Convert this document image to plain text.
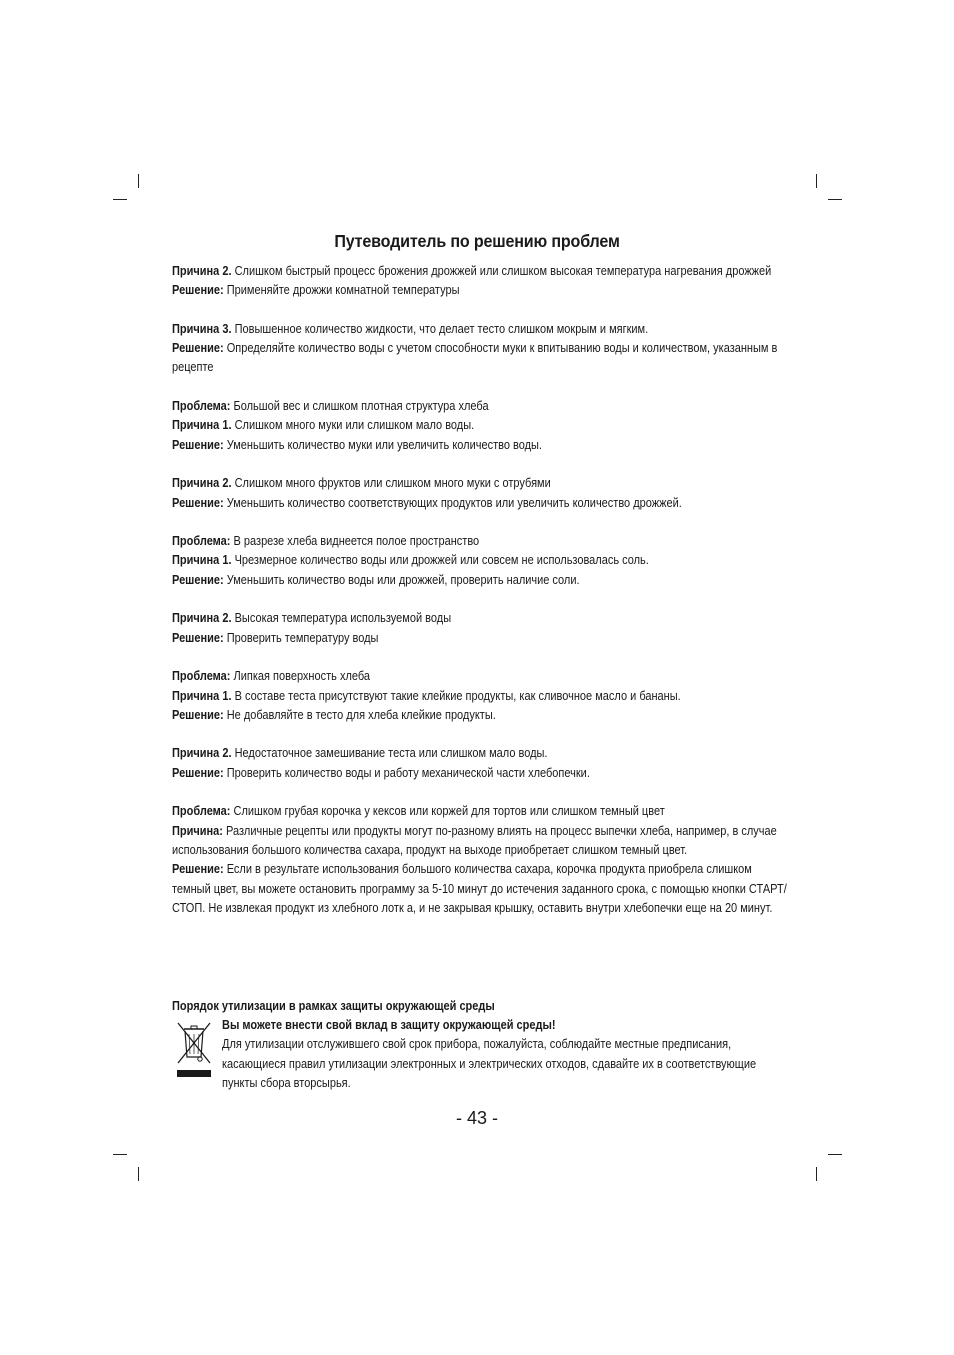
Путеводитель по решению проблем
Причина 2. Слишком быстрый процесс брожения дрожжей или слишком высокая температура нагревания дрожжей
Решение: Применяйте дрожжи комнатной температуры
Причина 3. Повышенное количество жидкости, что делает тесто слишком мокрым и мягким.
Решение: Определяйте количество воды с учетом способности муки к впитыванию воды и количеством, указанным в рецепте
Проблема: Большой вес и слишком плотная структура хлеба
Причина 1. Слишком много муки или слишком мало воды.
Решение: Уменьшить количество муки или увеличить количество воды.
Причина 2. Слишком много фруктов или слишком много муки с отрубями
Решение: Уменьшить количество соответствующих продуктов или увеличить количество дрожжей.
Проблема: В разрезе хлеба виднеется полое пространство
Причина 1. Чрезмерное количество воды или дрожжей или совсем не использовалась соль.
Решение: Уменьшить количество воды или дрожжей, проверить наличие соли.
Причина 2. Высокая температура используемой воды
Решение: Проверить температуру воды
Проблема: Липкая поверхность хлеба
Причина 1. В составе теста присутствуют такие клейкие продукты, как сливочное масло и бананы.
Решение: Не добавляйте в тесто для хлеба клейкие продукты.
Причина 2. Недостаточное замешивание теста или слишком мало воды.
Решение: Проверить количество воды и работу механической части хлебопечки.
Проблема: Слишком грубая корочка у кексов или коржей для тортов или слишком темный цвет
Причина: Различные рецепты или продукты могут по-разному влиять на процесс выпечки хлеба, например, в случае использования большого количества сахара, продукт на выходе приобретает слишком темный цвет.
Решение: Если в результате использования большого количества сахара, корочка продукта приобрела слишком темный цвет, вы можете остановить программу за 5-10 минут до истечения заданного срока, с помощью кнопки СТАРТ/СТОП. Не извлекая продукт из хлебного лотк а, и не закрывая крышку, оставить внутри хлебопечки еще на 20 минут.
Порядок утилизации в рамках защиты окружающей среды
Вы можете внести свой вклад в защиту окружающей среды!
Для утилизации отслужившего свой срок прибора, пожалуйста, соблюдайте местные предписания, касающиеся правил утилизации электронных и электрических отходов, сдавайте их в соответствующие пункты сбора вторсырья.
- 43 -
